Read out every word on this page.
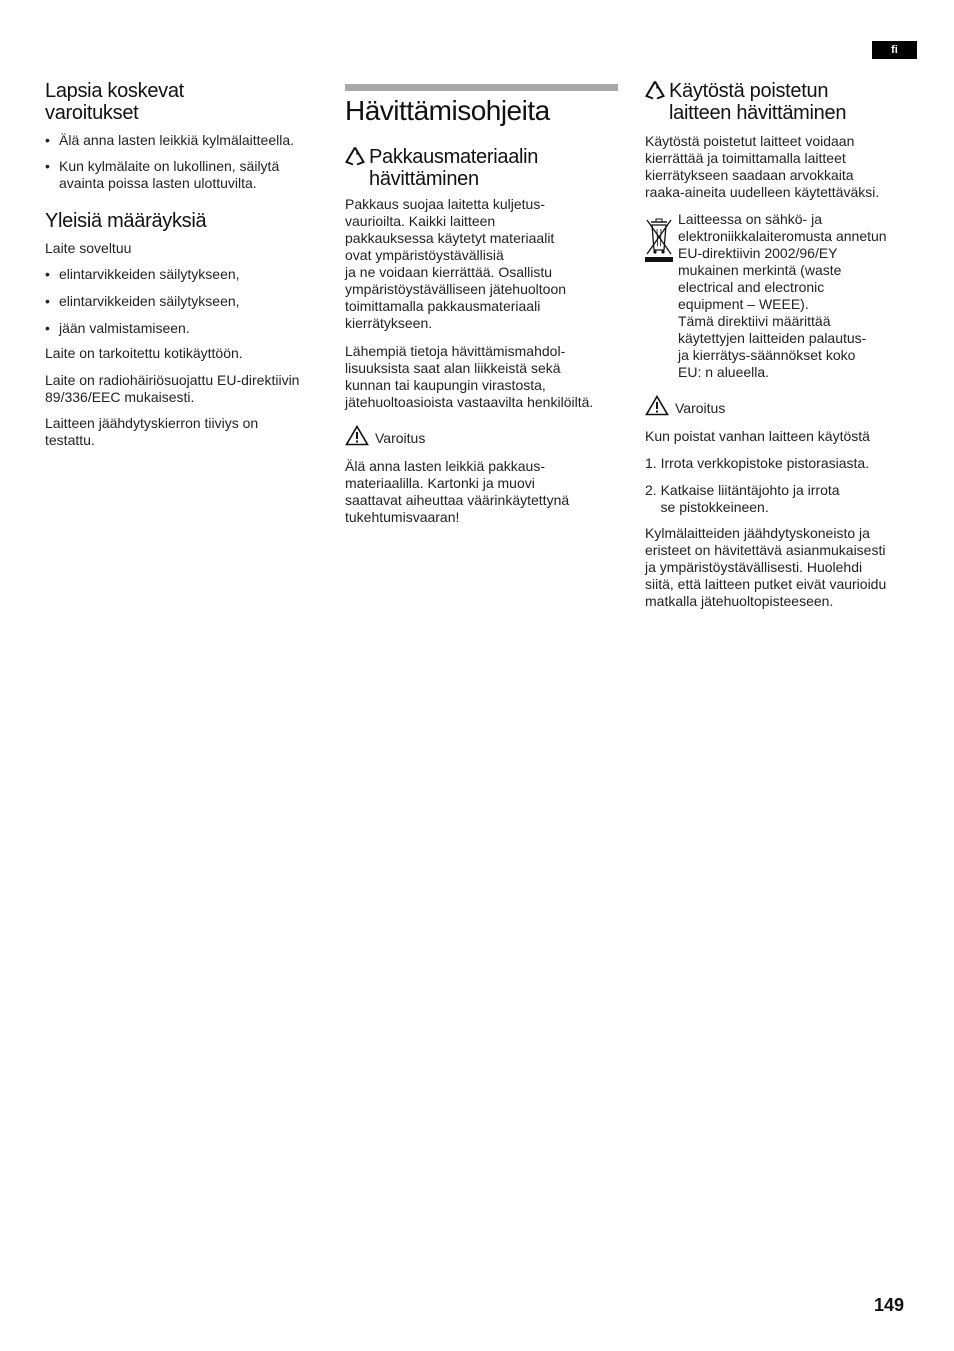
fi
Lapsia koskevat
varoitukset
• Älä anna lasten leikkiä kylmälaitteella.
• Kun kylmälaite on lukollinen, säilytä avainta poissa lasten ulottuvilta.
Yleisiä määräyksiä

Laite soveltuu

• elintarvikkeiden säilytykseen,
• elintarvikkeiden säilytykseen,
• jään valmistamiseen.

Laite on tarkoitettu kotikäyttöön.

Laite on radiohäiriösuojattu EU-direktiivin 89/336/EEC mukaisesti.

Laitteen jäähdytyskierron tiiviys on testattu.

Hävittämisohjeita
Pakkausmateriaalin
hävittäminen

Pakkaus suojaa laitetta kuljetus-
vaurioilta. Kaikki laitteen
pakkauksessa käytetyt materiaalit
ovat ympäristöystävällisiä
ja ne voidaan kierrättää. Osallistu
ympäristöystävälliseen jätehuoltoon
toimittamalla pakkausmateriaali
kierrätykseen.

Lähempiä tietoja hävittämismahdol-
lisuuksista saat alan liikkeistä sekä
kunnan tai kaupungin virastosta,
jätehuoltoasioista vastaavilta henkilöiltä.

Varoitus

Älä anna lasten leikkiä pakkaus-
materiaalilla. Kartonki ja muovi
saattavat aiheuttaa väärinkäytettynä
tukehtumisvaaran!

Käytöstä poistetun
laitteen hävittäminen

Käytöstä poistetut laitteet voidaan
kierrättää ja toimittamalla laitteet
kierrätykseen saadaan arvokkaita
raaka-aineita uudelleen käytettäväksi.

Laitteessa on sähkö- ja
elektroniikkalaiteromusta annetun
EU-direktiivin 2002/96/EY
mukainen merkintä (waste
electrical and electronic
equipment – WEEE).
Tämä direktiivi määrittää
käytettyjen laitteiden palautus-
ja kierrätys-säännökset koko
EU: n alueella.

Varoitus

Kun poistat vanhan laitteen käytöstä

1. Irrota verkkopistoke pistorasiasta.
2. Katkaise liitäntäjohto ja irrota
se pistokkeineen.

Kylmälaitteiden jäähdytyskoneisto ja
eristeet on hävitettävä asianmukaisesti
ja ympäristöystävällisesti. Huolehdi
siitä, että laitteen putket eivät vaurioidu
matkalla jätehuoltopisteeseen.

149
